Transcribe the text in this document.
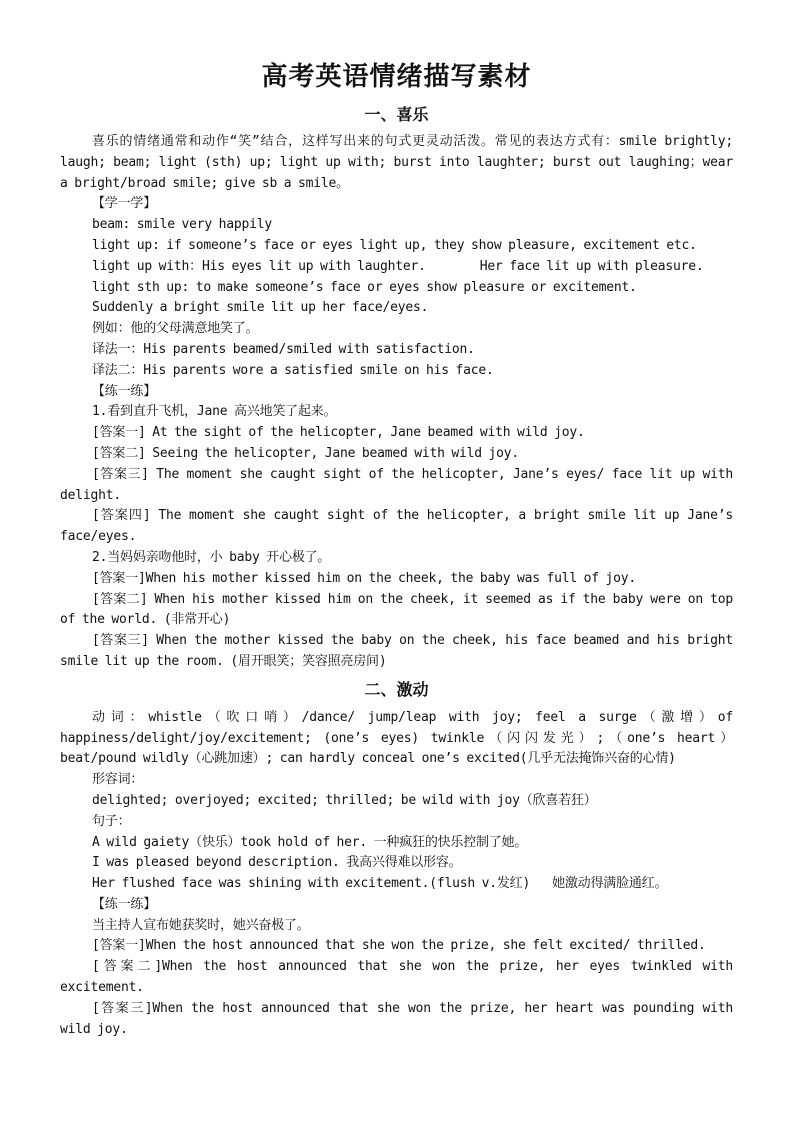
高考英语情绪描写素材
一、喜乐

喜乐的情绪通常和动作“笑”结合，这样写出来的句式更灵动活泼。常见的表达方式有：smile brightly; laugh; beam; light (sth) up; light up with; burst into laughter; burst out laughing；wear a bright/broad smile; give sb a smile。

【学一学】

beam: smile very happily

light up: if someone’s face or eyes light up, they show pleasure, excitement etc.

light up with：His eyes lit up with laughter.	Her face lit up with pleasure.

light sth up: to make someone’s face or eyes show pleasure or excitement.

Suddenly a bright smile lit up her face/eyes.

例如：他的父母满意地笑了。

译法一：His parents beamed/smiled with satisfaction.

译法二：His parents wore a satisfied smile on his face.

【练一练】

1.看到直升飞机，Jane 高兴地笑了起来。

[答案一] At the sight of the helicopter, Jane beamed with wild joy.

[答案二] Seeing the helicopter, Jane beamed with wild joy.

[答案三] The moment she caught sight of the helicopter, Jane’s eyes/ face lit up with delight.

[答案四] The moment she caught sight of the helicopter, a bright smile lit up Jane’s face/eyes.

2.当妈妈亲吻他时，小 baby 开心极了。

[答案一]When his mother kissed him on the cheek, the baby was full of joy.

[答案二] When his mother kissed him on the cheek, it seemed as if the baby were on top of the world. (非常开心)

[答案三] When the mother kissed the baby on the cheek, his face beamed and his bright smile lit up the room. (眉开眼笑；笑容照亮房间)

二、激动

动词：whistle（吹口哨）/dance/ jump/leap with joy; feel a surge（激增）of happiness/delight/joy/excitement; (one’s eyes) twinkle（闪闪发光）;（one’s heart） beat/pound wildly（心跳加速）; can hardly conceal one’s excited(几乎无法掩饰兴奋的心情)

形容词：

delighted; overjoyed; excited; thrilled; be wild with joy（欣喜若狂）

句子：

A wild gaiety（快乐）took hold of her. 一种疯狂的快乐控制了她。

I was pleased beyond description. 我高兴得难以形容。

Her flushed face was shining with excitement.(flush v.发红) 她激动得满脸通红。

【练一练】

当主持人宣布她获奖时，她兴奋极了。

[答案一]When the host announced that she won the prize, she felt excited/ thrilled.

[答案二]When the host announced that she won the prize, her eyes twinkled with excitement.

[答案三]When the host announced that she won the prize, her heart was pounding with wild joy.
